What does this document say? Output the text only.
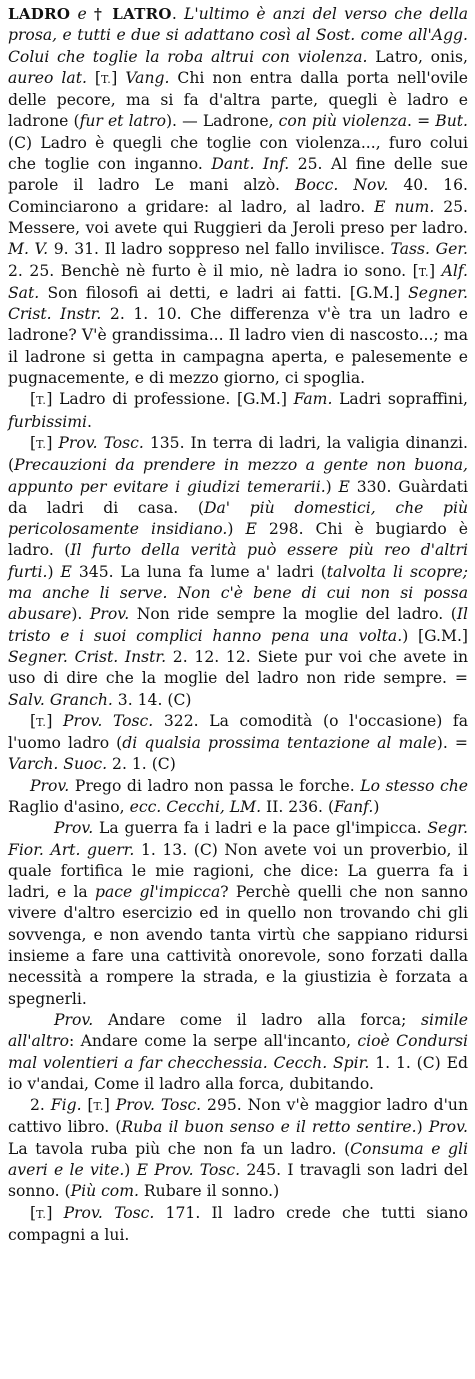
LADRO e † LATRO. L'ultimo è anzi del verso che della prosa, e tutti e due si adattano così al Sost. come all'Agg. Colui che toglie la roba altrui con violenza. Latro, onis, aureo lat. [T.] Vang. Chi non entra dalla porta nell'ovile delle pecore, ma si fa d'altra parte, quegli è ladro e ladrone (fur et latro). — Ladrone, con più violenza. = But. (C) Ladro è quegli che toglie con violenza..., furo colui che toglie con inganno. Dant. Inf. 25. Al fine delle sue parole il ladro Le mani alzò. Bocc. Nov. 40. 16. Cominciarono a gridare: al ladro, al ladro. E num. 25. Messere, voi avete qui Ruggieri da Jeroli preso per ladro. M. V. 9. 31. Il ladro soppreso nel fallo invilisce. Tass. Ger. 2. 25. Benchè nè furto è il mio, nè ladra io sono. [T.] Alf. Sat. Son filosofi ai detti, e ladri ai fatti. [G.M.] Segner. Crist. Instr. 2. 1. 10. Che differenza v'è tra un ladro e ladrone? V'è grandissima... Il ladro vien di nascosto...; ma il ladrone si getta in campagna aperta, e palesemente e pugnacemente, e di mezzo giorno, ci spoglia.

[T.] Ladro di professione. [G.M.] Fam. Ladri sopraffini, furbissimi.

[T.] Prov. Tosc. 135. In terra di ladri, la valigia dinanzi. (Precauzioni da prendere in mezzo a gente non buona, appunto per evitare i giudizi temerarii.) E 330. Guàrdati da ladri di casa. (Da' più domestici, che più pericolosamente insidiano.) E 298. Chi è bugiardo è ladro. (Il furto della verità può essere più reo d'altri furti.) E 345. La luna fa lume a' ladri (talvolta li scopre; ma anche li serve. Non c'è bene di cui non si possa abusare). Prov. Non ride sempre la moglie del ladro. (Il tristo e i suoi complici hanno pena una volta.) [G.M.] Segner. Crist. Instr. 2. 12. 12. Siete pur voi che avete in uso di dire che la moglie del ladro non ride sempre. = Salv. Granch. 3. 14. (C)

[T.] Prov. Tosc. 322. La comodità (o l'occasione) fa l'uomo ladro (di qualsia prossima tentazione al male). = Varch. Suoc. 2. 1. (C)

Prov. Prego di ladro non passa le forche. Lo stesso che Raglio d'asino, ecc. Cecchi, LM. II. 236. (Fanf.)

Prov. La guerra fa i ladri e la pace gl'impicca. Segr. Fior. Art. guerr. 1. 13. (C) Non avete voi un proverbio, il quale fortifica le mie ragioni, che dice: La guerra fa i ladri, e la pace gl'impicca? Perchè quelli che non sanno vivere d'altro esercizio ed in quello non trovando chi gli sovvenga, e non avendo tanta virtù che sappiano ridursi insieme a fare una cattività onorevole, sono forzati dalla necessità a rompere la strada, e la giustizia è forzata a spegnerli.

Prov. Andare come il ladro alla forca; simile all'altro: Andare come la serpe all'incanto, cioè Condursi mal volentieri a far checchessia. Cecch. Spir. 1. 1. (C) Ed io v'andai, Come il ladro alla forca, dubitando.

2. Fig. [T.] Prov. Tosc. 295. Non v'è maggior ladro d'un cattivo libro. (Ruba il buon senso e il retto sentire.) Prov. La tavola ruba più che non fa un ladro. (Consuma e gli averi e le vite.) E Prov. Tosc. 245. I travagli son ladri del sonno. (Più com. Rubare il sonno.)

[T.] Prov. Tosc. 171. Il ladro crede che tutti siano compagni a lui.
